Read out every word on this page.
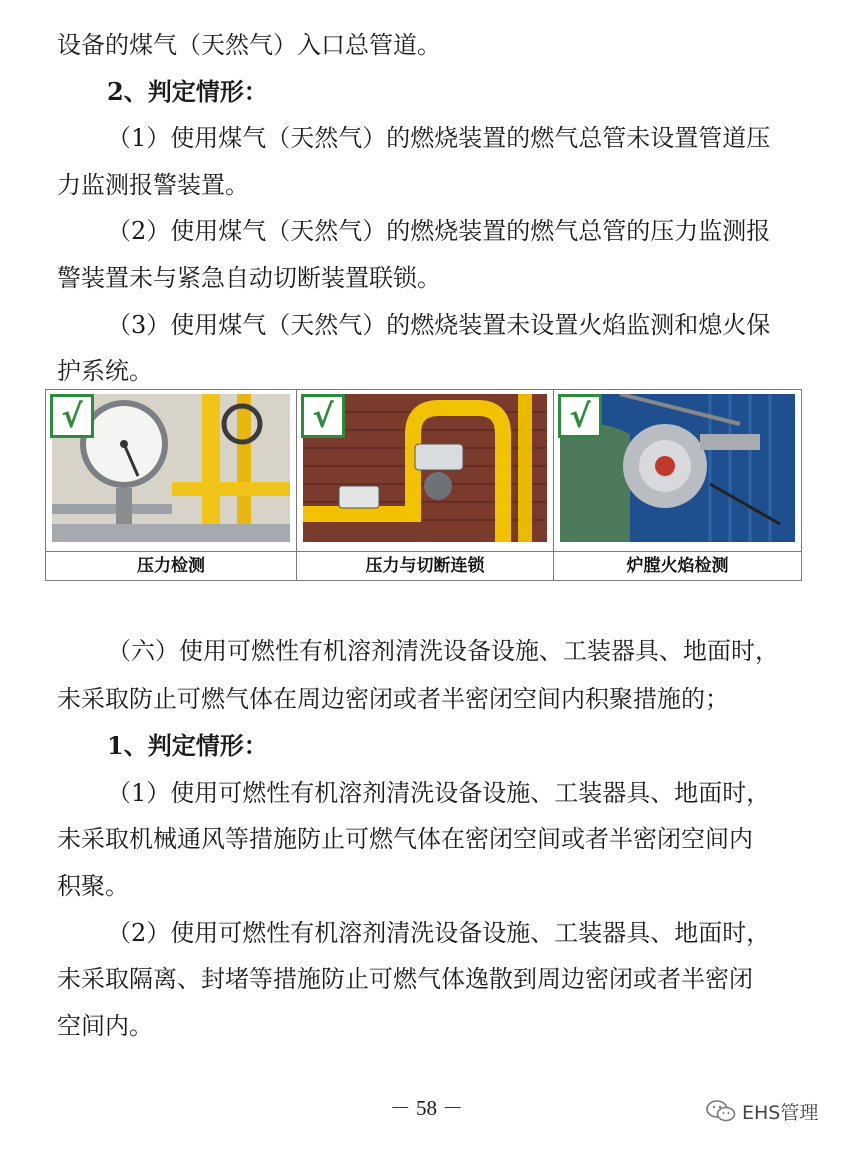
设备的煤气（天然气）入口总管道。
2、判定情形：
（1）使用煤气（天然气）的燃烧装置的燃气总管未设置管道压
力监测报警装置。
（2）使用煤气（天然气）的燃烧装置的燃气总管的压力监测报
警装置未与紧急自动切断装置联锁。
（3）使用煤气（天然气）的燃烧装置未设置火焰监测和熄火保
护系统。
√
压力检测
√
压力与切断连锁
√
炉膛火焰检测
（六）使用可燃性有机溶剂清洗设备设施、工装器具、地面时，
未采取防止可燃气体在周边密闭或者半密闭空间内积聚措施的；
1、判定情形：
（1）使用可燃性有机溶剂清洗设备设施、工装器具、地面时，
未采取机械通风等措施防止可燃气体在密闭空间或者半密闭空间内
积聚。
（2）使用可燃性有机溶剂清洗设备设施、工装器具、地面时，
未采取隔离、封堵等措施防止可燃气体逸散到周边密闭或者半密闭
空间内。
－ 58 －	EHS管理
